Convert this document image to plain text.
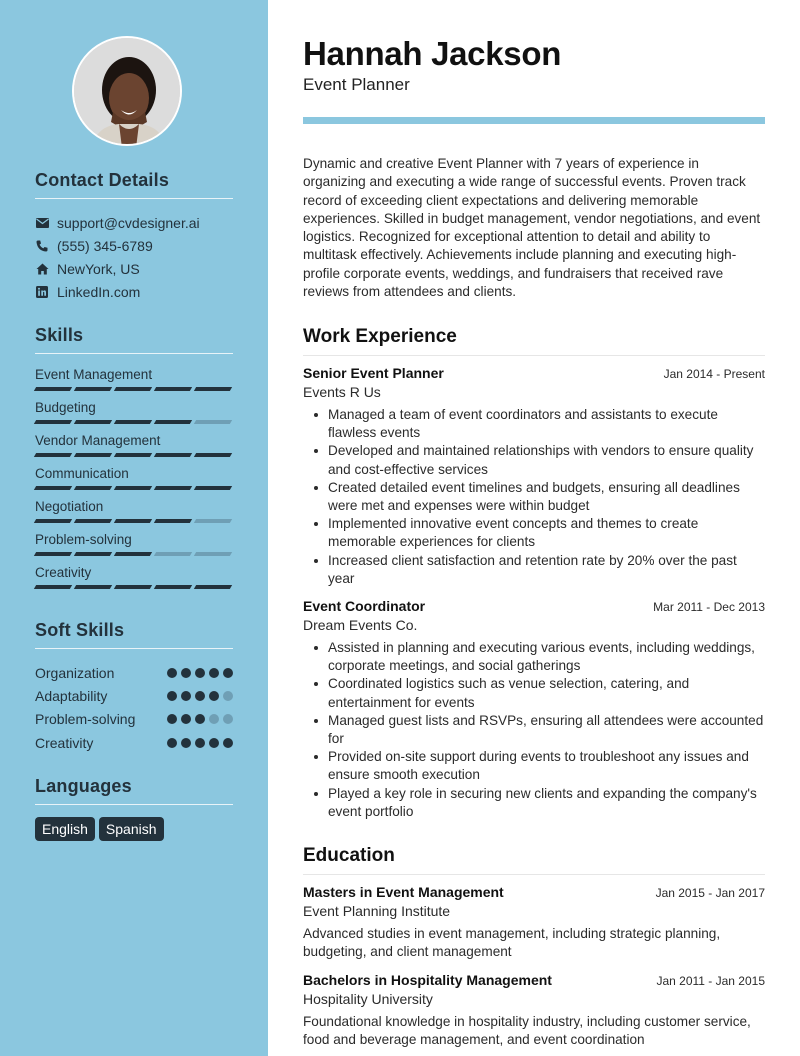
Contact Details
support@cvdesigner.ai
(555) 345-6789
NewYork, US
LinkedIn.com
Skills
Event Management
Budgeting
Vendor Management
Communication
Negotiation
Problem-solving
Creativity
Soft Skills
Organization
Adaptability
Problem-solving
Creativity
Languages
English	Spanish
Hannah Jackson
Event Planner

Dynamic and creative Event Planner with 7 years of experience in organizing and executing a wide range of successful events. Proven track record of exceeding client expectations and delivering memorable experiences. Skilled in budget management, vendor negotiations, and event logistics. Recognized for exceptional attention to detail and ability to multitask effectively. Achievements include planning and executing high-profile corporate events, weddings, and fundraisers that received rave reviews from attendees and clients.

Work Experience
Senior Event Planner	Jan 2014 - Present
Events R Us
Managed a team of event coordinators and assistants to execute flawless events
Developed and maintained relationships with vendors to ensure quality and cost-effective services
Created detailed event timelines and budgets, ensuring all deadlines were met and expenses were within budget
Implemented innovative event concepts and themes to create memorable experiences for clients
Increased client satisfaction and retention rate by 20% over the past year
Event Coordinator	Mar 2011 - Dec 2013
Dream Events Co.
Assisted in planning and executing various events, including weddings, corporate meetings, and social gatherings
Coordinated logistics such as venue selection, catering, and entertainment for events
Managed guest lists and RSVPs, ensuring all attendees were accounted for
Provided on-site support during events to troubleshoot any issues and ensure smooth execution
Played a key role in securing new clients and expanding the company's event portfolio
Education
Masters in Event Management	Jan 2015 - Jan 2017
Event Planning Institute
Advanced studies in event management, including strategic planning, budgeting, and client management
Bachelors in Hospitality Management	Jan 2011 - Jan 2015
Hospitality University
Foundational knowledge in hospitality industry, including customer service, food and beverage management, and event coordination
